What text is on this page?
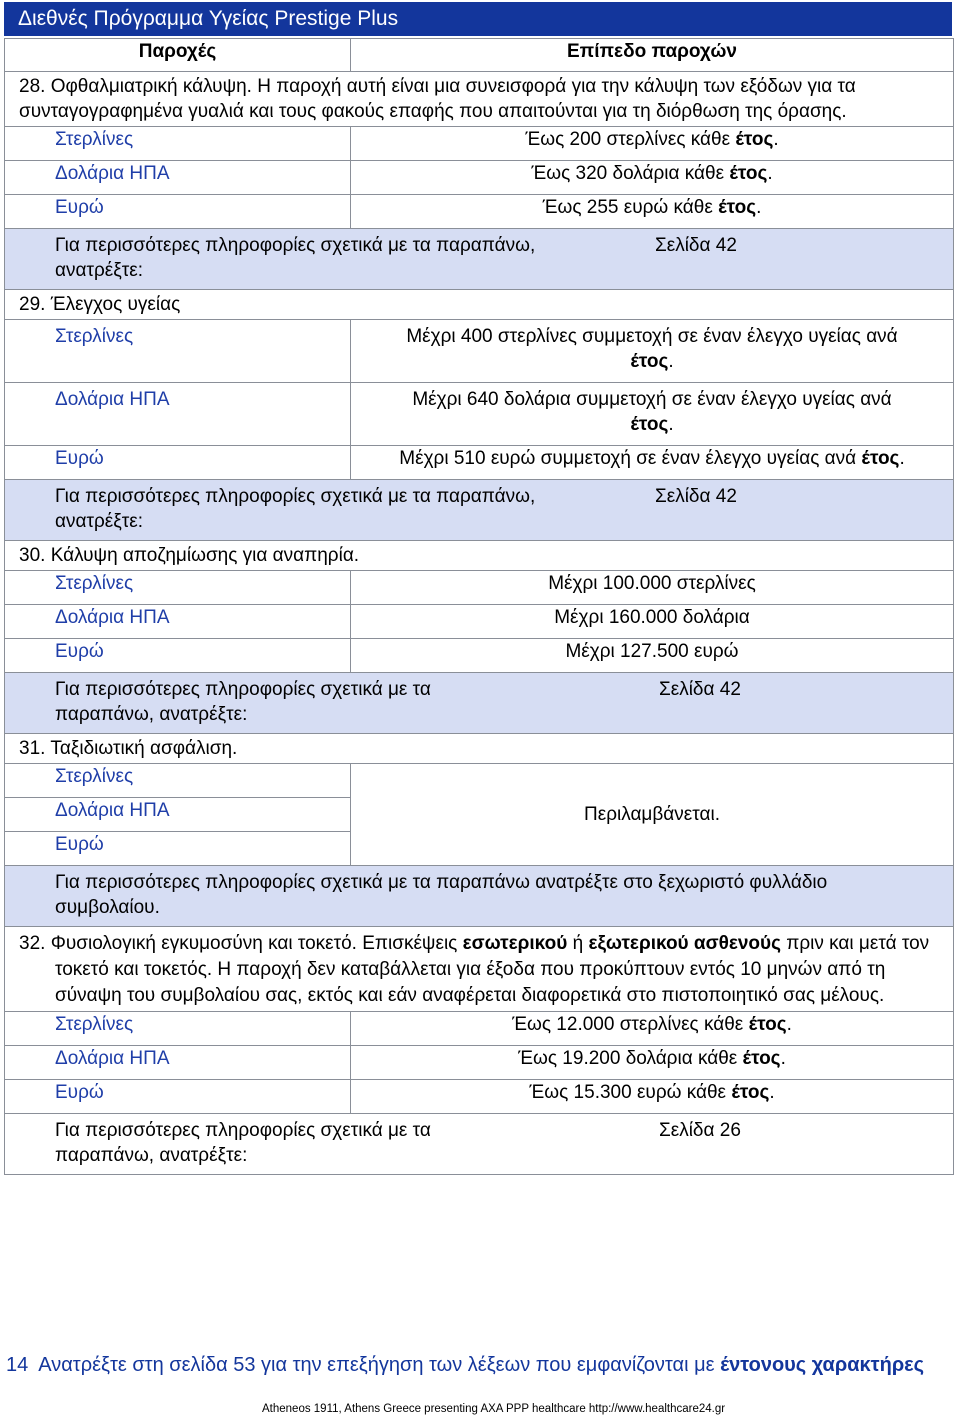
Διεθνές Πρόγραμμα Υγείας Prestige Plus
Παροχές	Επίπεδο παροχών
28. Οφθαλμιατρική κάλυψη. Η παροχή αυτή είναι μια συνεισφορά για την κάλυψη των εξόδων για τα συνταγογραφημένα γυαλιά και τους φακούς επαφής που απαιτούνται για τη διόρθωση της όρασης.	
Στερλίνες	Έως 200 στερλίνες κάθε έτος.
Δολάρια ΗΠΑ	Έως 320 δολάρια κάθε έτος.
Ευρώ	Έως 255 ευρώ κάθε έτος.

Για περισσότερες πληροφορίες σχετικά με τα παραπάνω, ανατρέξτε:
Σελίδα 42	

29. Έλεγχος υγείας	
Στερλίνες	Μέχρι 400 στερλίνες συμμετοχή σε έναν έλεγχο υγείας ανά
έτος.
Δολάρια ΗΠΑ	Μέχρι 640 δολάρια συμμετοχή σε έναν έλεγχο υγείας ανά
έτος.
Ευρώ	Μέχρι 510 ευρώ συμμετοχή σε έναν έλεγχο υγείας ανά έτος.

Για περισσότερες πληροφορίες σχετικά με τα παραπάνω, ανατρέξτε:
Σελίδα 42	

30. Κάλυψη αποζημίωσης για αναπηρία.	
Στερλίνες	Μέχρι 100.000 στερλίνες
Δολάρια ΗΠΑ	Μέχρι 160.000 δολάρια
Ευρώ	Μέχρι 127.500 ευρώ

Για περισσότερες πληροφορίες σχετικά με τα παραπάνω, ανατρέξτε:
Σελίδα 42	

31. Ταξιδιωτική ασφάλιση.	
Στερλίνες	Περιλαμβάνεται.
Δολάρια ΗΠΑ	
Ευρώ	
Για περισσότερες πληροφορίες σχετικά με τα παραπάνω ανατρέξτε στο ξεχωριστό φυλλάδιο συμβολαίου.	

32. Φυσιολογική εγκυμοσύνη και τοκετό. Επισκέψεις εσωτερικού ή εξωτερικού ασθενούς πριν και μετά τον τοκετό και τοκετός. Η παροχή δεν καταβάλλεται για έξοδα που προκύπτουν εντός 10 μηνών από τη σύναψη του συμβολαίου σας, εκτός και εάν αναφέρεται διαφορετικά στο πιστοποιητικό σας μέλους.	

Στερλίνες	Έως 12.000 στερλίνες κάθε έτος.
Δολάρια ΗΠΑ	Έως 19.200 δολάρια κάθε έτος.
Ευρώ	Έως 15.300 ευρώ κάθε έτος.

Για περισσότερες πληροφορίες σχετικά με τα παραπάνω, ανατρέξτε:
Σελίδα 26	
14 Ανατρέξτε στη σελίδα 53 για την επεξήγηση των λέξεων που εμφανίζονται με έντονους χαρακτήρες
Atheneos 1911, Athens Greece presenting AXA PPP healthcare http://www.healthcare24.gr
